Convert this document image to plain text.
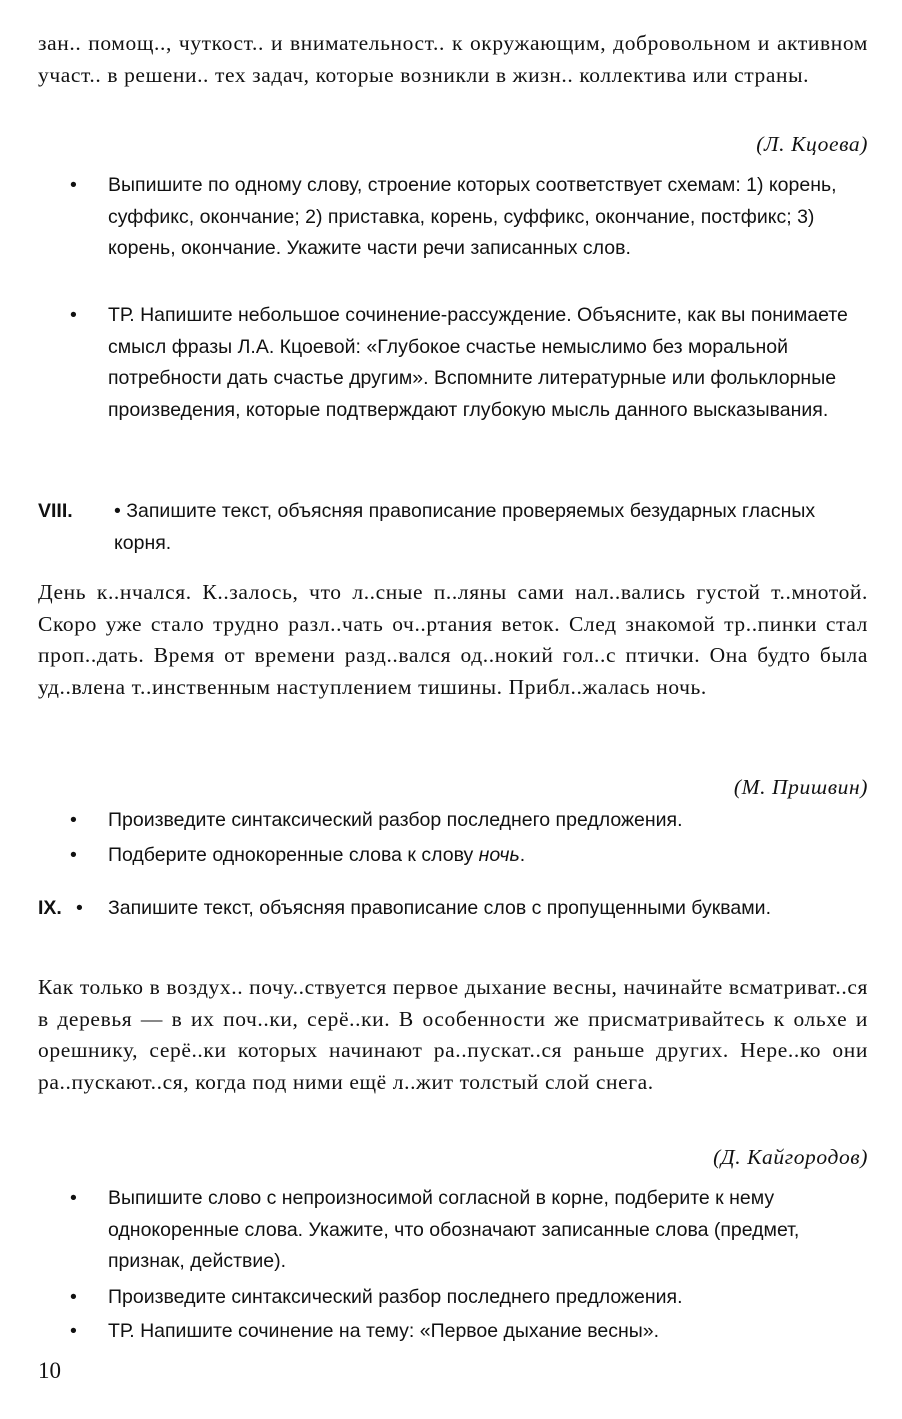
зан.. помощ.., чуткост.. и внимательност.. к окружающим, добровольном и активном участ.. в решени.. тех задач, которые возникли в жизн.. коллектива или страны.
(Л. Кцоева)
•	Выпишите по одному слову, строение которых соответствует схемам: 1) корень, суффикс, окончание; 2) приставка, корень, суффикс, окончание, постфикс; 3) корень, окончание. Укажите части речи записанных слов.
•	ТР. Напишите небольшое сочинение-рассуждение. Объясните, как вы понимаете смысл фразы Л.А. Кцоевой: «Глубокое счастье немыслимо без моральной потребности дать счастье другим». Вспомните литературные или фольклорные произведения, которые подтверждают глубокую мысль данного высказывания.
VIII. • Запишите текст, объясняя правописание проверяемых безударных гласных корня.
День к..нчался. К..залось, что л..сные п..ляны сами нал..вались густой т..мнотой. Скоро уже стало трудно разл..чать оч..ртания веток. След знакомой тр..пинки стал проп..дать. Время от времени разд..вался од..нокий гол..с птички. Она будто была уд..влена т..инственным наступлением тишины. Прибл..жалась ночь.
(М. Пришвин)
•	Произведите синтаксический разбор последнего предложения.
•	Подберите однокоренные слова к слову ночь.
IX. • Запишите текст, объясняя правописание слов с пропущенными буквами.
Как только в воздух.. почу..ствуется первое дыхание весны, начинайте всматриват..ся в деревья — в их поч..ки, серё..ки. В особенности же присматривайтесь к ольхе и орешнику, серё..ки которых начинают ра..пускат..ся раньше других. Нере..ко они ра..пускают..ся, когда под ними ещё л..жит толстый слой снега.
(Д. Кайгородов)
•	Выпишите слово с непроизносимой согласной в корне, подберите к нему однокоренные слова. Укажите, что обозначают записанные слова (предмет, признак, действие).
•	Произведите синтаксический разбор последнего предложения.
•	ТР. Напишите сочинение на тему: «Первое дыхание весны».
10
